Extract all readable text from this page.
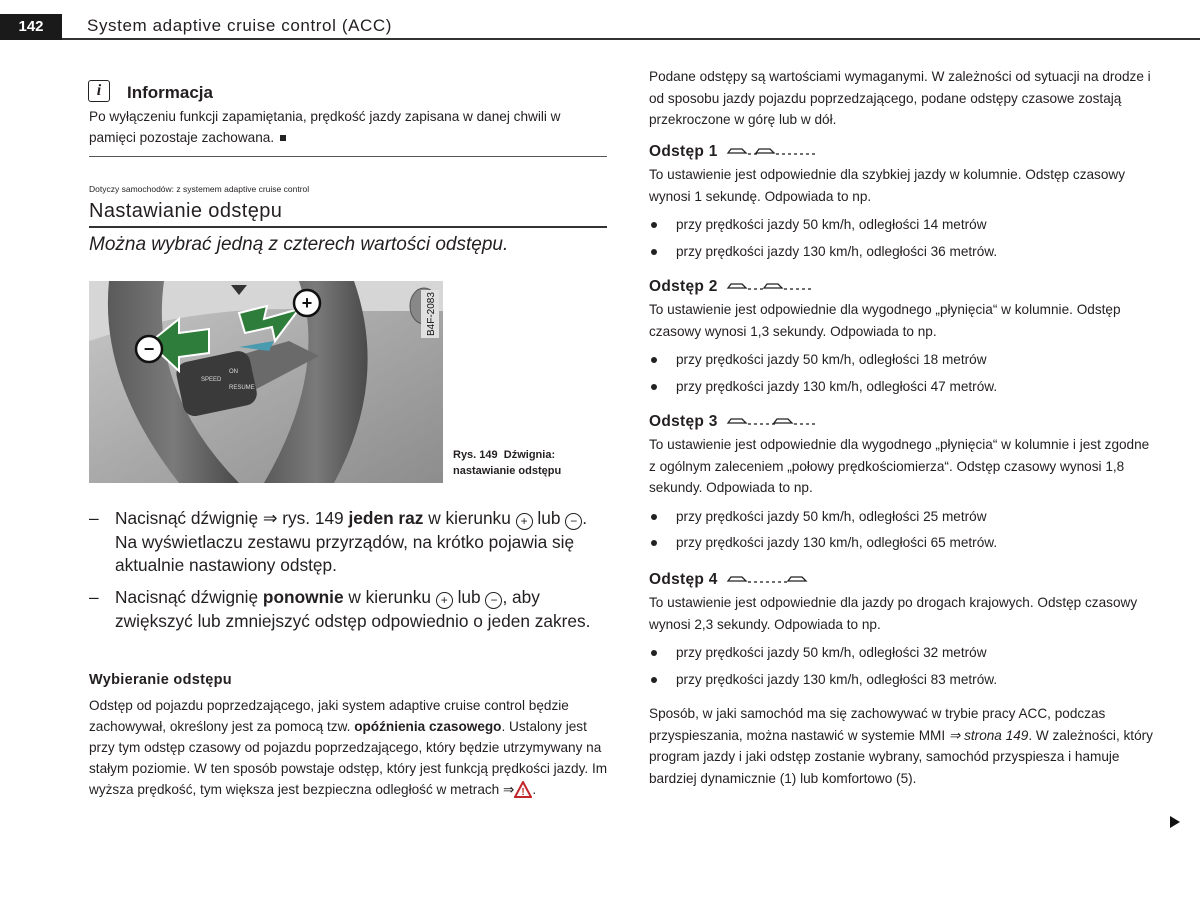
142	System adaptive cruise control (ACC)
i	Informacja
Po wyłączeniu funkcji zapamiętania, prędkość jazdy zapisana w danej chwili w pamięci pozostaje zachowana.
Dotyczy samochodów: z systemem adaptive cruise control
Nastawianie odstępu
Można wybrać jedną z czterech wartości odstępu.
SPEED
ON
RESUME
+
−
B4F-2083
Rys. 149 Dźwignia: nastawianie odstępu
– Nacisnąć dźwignię ⇒ rys. 149 jeden raz w kierunku + lub − . Na wyświetlaczu zestawu przyrządów, na krótko pojawia się aktualnie nastawiony odstęp.
– Nacisnąć dźwignię ponownie w kierunku + lub − , aby zwiększyć lub zmniejszyć odstęp odpowiednio o jeden zakres.
Wybieranie odstępu
Odstęp od pojazdu poprzedzającego, jaki system adaptive cruise control będzie zachowywał, określony jest za pomocą tzw. opóźnienia czasowego. Ustalony jest przy tym odstęp czasowy od pojazdu poprzedzającego, który będzie utrzymywany na stałym poziomie. W ten sposób powstaje odstęp, który jest funkcją prędkości jazdy. Im wyższa prędkość, tym większa jest bezpieczna odległość w metrach ⇒ ! .
Podane odstępy są wartościami wymaganymi. W zależności od sytuacji na drodze i od sposobu jazdy pojazdu poprzedzającego, podane odstępy czasowe zostają przekroczone w górę lub w dół.
Odstęp 1
To ustawienie jest odpowiednie dla szybkiej jazdy w kolumnie. Odstęp czasowy wynosi 1 sekundę. Odpowiada to np.
przy prędkości jazdy 50 km/h, odległości 14 metrów
przy prędkości jazdy 130 km/h, odległości 36 metrów.
Odstęp 2
To ustawienie jest odpowiednie dla wygodnego „płynięcia“ w kolumnie. Odstęp czasowy wynosi 1,3 sekundy. Odpowiada to np.
przy prędkości jazdy 50 km/h, odległości 18 metrów
przy prędkości jazdy 130 km/h, odległości 47 metrów.
Odstęp 3
To ustawienie jest odpowiednie dla wygodnego „płynięcia“ w kolumnie i jest zgodne z ogólnym zaleceniem „połowy prędkościomierza“. Odstęp czasowy wynosi 1,8 sekundy. Odpowiada to np.
przy prędkości jazdy 50 km/h, odległości 25 metrów
przy prędkości jazdy 130 km/h, odległości 65 metrów.
Odstęp 4
To ustawienie jest odpowiednie dla jazdy po drogach krajowych. Odstęp czasowy wynosi 2,3 sekundy. Odpowiada to np.
przy prędkości jazdy 50 km/h, odległości 32 metrów
przy prędkości jazdy 130 km/h, odległości 83 metrów.
Sposób, w jaki samochód ma się zachowywać w trybie pracy ACC, podczas przyspieszania, można nastawić w systemie MMI ⇒ strona 149. W zależności, który program jazdy i jaki odstęp zostanie wybrany, samochód przyspiesza i hamuje bardziej dynamicznie (1) lub komfortowo (5).
